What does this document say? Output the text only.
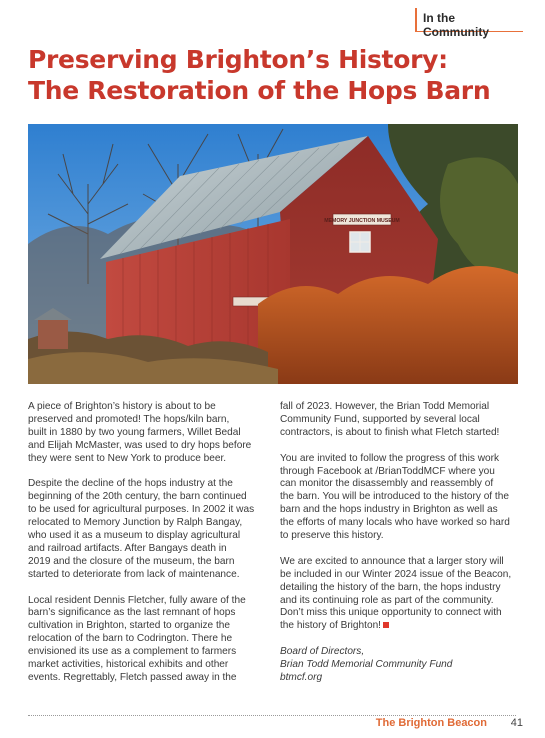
In the Community
Preserving Brighton’s History:
The Restoration of the Hops Barn
MEMORY JUNCTION MUSEUM

A piece of Brighton’s history is about to be
preserved and promoted! The hops/kiln barn,
built in 1880 by two young farmers, Willet Bedal
and Elijah McMaster, was used to dry hops before
they were sent to New York to produce beer.

Despite the decline of the hops industry at the
beginning of the 20th century, the barn continued
to be used for agricultural purposes. In 2002 it was
relocated to Memory Junction by Ralph Bangay,
who used it as a museum to display agricultural
and railroad artifacts. After Bangays death in
2019 and the closure of the museum, the barn
started to deteriorate from lack of maintenance.

Local resident Dennis Fletcher, fully aware of the
barn’s significance as the last remnant of hops
cultivation in Brighton, started to organize the
relocation of the barn to Codrington. There he
envisioned its use as a complement to farmers
market activities, historical exhibits and other
events. Regrettably, Fletch passed away in the

fall of 2023. However, the Brian Todd Memorial
Community Fund, supported by several local
contractors, is about to finish what Fletch started!

You are invited to follow the progress of this work
through Facebook at /BrianToddMCF where you
can monitor the disassembly and reassembly of
the barn. You will be introduced to the history of the
barn and the hops industry in Brighton as well as
the efforts of many locals who have worked so hard
to preserve this history.

We are excited to announce that a larger story will
be included in our Winter 2024 issue of the Beacon,
detailing the history of the barn, the hops industry
and its continuing role as part of the community.
Don’t miss this unique opportunity to connect with
the history of Brighton!

Board of Directors,
Brian Todd Memorial Community Fund
btmcf.org

The Brighton Beacon 41
